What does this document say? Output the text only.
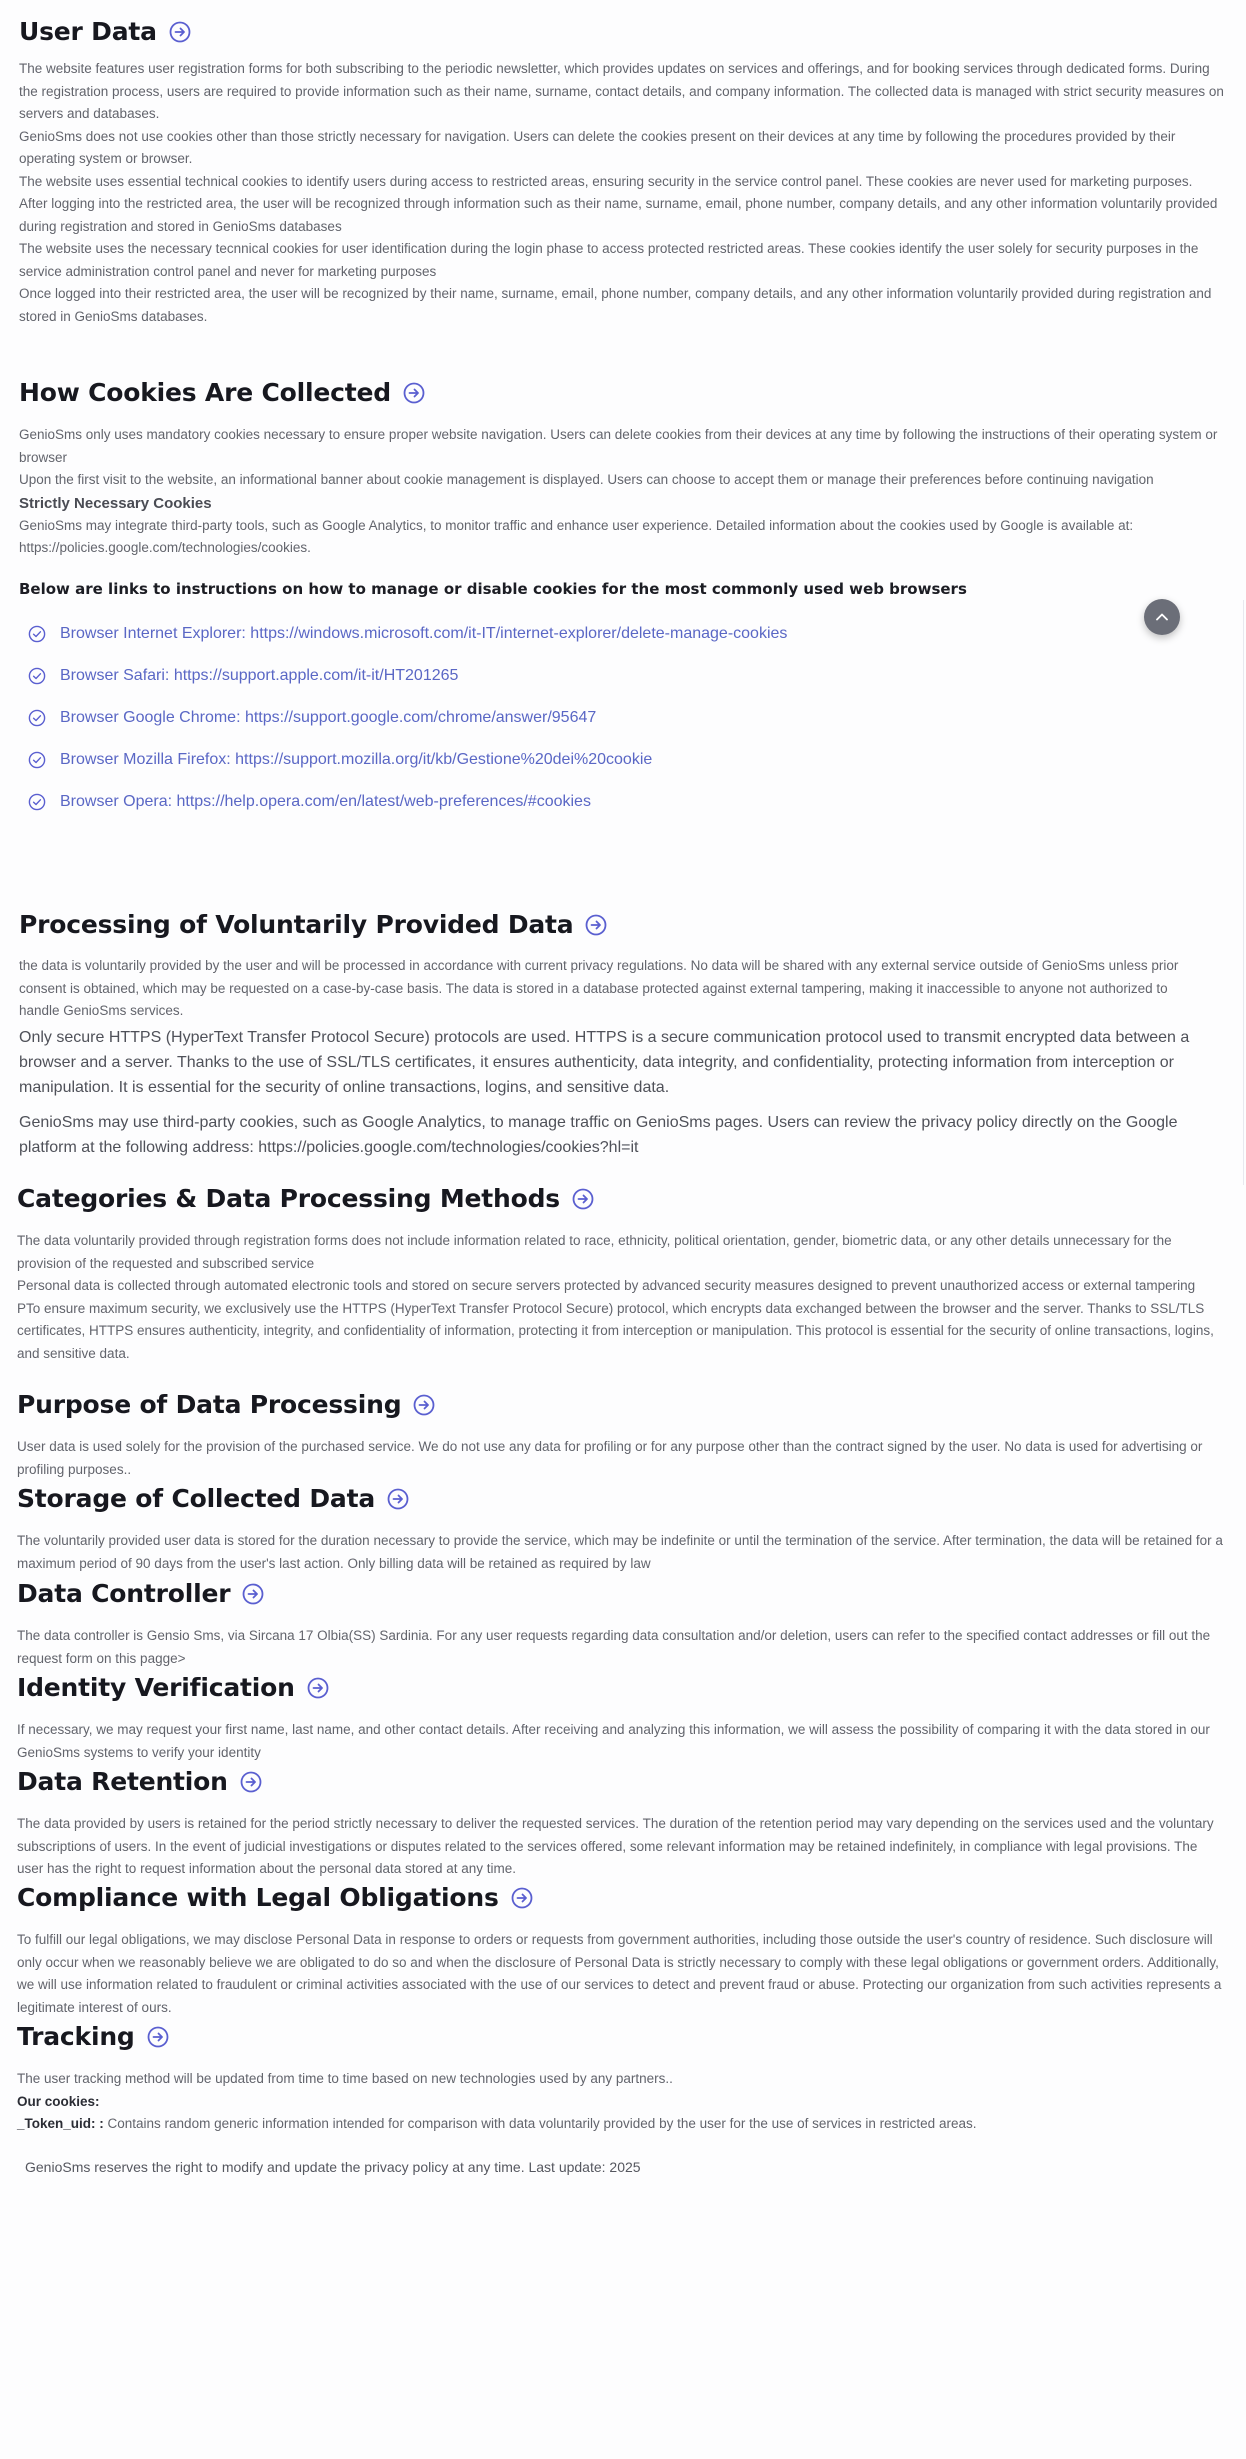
User Data

The website features user registration forms for both subscribing to the periodic newsletter, which provides updates on services and offerings, and for booking services through dedicated forms. During the registration process, users are required to provide information such as their name, surname, contact details, and company information. The collected data is managed with strict security measures on servers and databases.

GenioSms does not use cookies other than those strictly necessary for navigation. Users can delete the cookies present on their devices at any time by following the procedures provided by their operating system or browser.

The website uses essential technical cookies to identify users during access to restricted areas, ensuring security in the service control panel. These cookies are never used for marketing purposes.

After logging into the restricted area, the user will be recognized through information such as their name, surname, email, phone number, company details, and any other information voluntarily provided during registration and stored in GenioSms databases

The website uses the necessary tecnnical cookies for user identification during the login phase to access protected restricted areas. These cookies identify the user solely for security purposes in the service administration control panel and never for marketing purposes

Once logged into their restricted area, the user will be recognized by their name, surname, email, phone number, company details, and any other information voluntarily provided during registration and stored in GenioSms databases.

How Cookies Are Collected

GenioSms only uses mandatory cookies necessary to ensure proper website navigation. Users can delete cookies from their devices at any time by following the instructions of their operating system or browser

Upon the first visit to the website, an informational banner about cookie management is displayed. Users can choose to accept them or manage their preferences before continuing navigation

Strictly Necessary Cookies

GenioSms may integrate third-party tools, such as Google Analytics, to monitor traffic and enhance user experience. Detailed information about the cookies used by Google is available at: https://policies.google.com/technologies/cookies.

Below are links to instructions on how to manage or disable cookies for the most commonly used web browsers

Browser Internet Explorer: https://windows.microsoft.com/it-IT/internet-explorer/delete-manage-cookies
Browser Safari: https://support.apple.com/it-it/HT201265
Browser Google Chrome: https://support.google.com/chrome/answer/95647
Browser Mozilla Firefox: https://support.mozilla.org/it/kb/Gestione%20dei%20cookie
Browser Opera: https://help.opera.com/en/latest/web-preferences/#cookies
Processing of Voluntarily Provided Data

the data is voluntarily provided by the user and will be processed in accordance with current privacy regulations. No data will be shared with any external service outside of GenioSms unless prior consent is obtained, which may be requested on a case-by-case basis. The data is stored in a database protected against external tampering, making it inaccessible to anyone not authorized to handle GenioSms services.

Only secure HTTPS (HyperText Transfer Protocol Secure) protocols are used. HTTPS is a secure communication protocol used to transmit encrypted data between a browser and a server. Thanks to the use of SSL/TLS certificates, it ensures authenticity, data integrity, and confidentiality, protecting information from interception or manipulation. It is essential for the security of online transactions, logins, and sensitive data.

GenioSms may use third-party cookies, such as Google Analytics, to manage traffic on GenioSms pages. Users can review the privacy policy directly on the Google platform at the following address: https://policies.google.com/technologies/cookies?hl=it

Categories & Data Processing Methods

The data voluntarily provided through registration forms does not include information related to race, ethnicity, political orientation, gender, biometric data, or any other details unnecessary for the provision of the requested and subscribed service

Personal data is collected through automated electronic tools and stored on secure servers protected by advanced security measures designed to prevent unauthorized access or external tampering

PTo ensure maximum security, we exclusively use the HTTPS (HyperText Transfer Protocol Secure) protocol, which encrypts data exchanged between the browser and the server. Thanks to SSL/TLS certificates, HTTPS ensures authenticity, integrity, and confidentiality of information, protecting it from interception or manipulation. This protocol is essential for the security of online transactions, logins, and sensitive data.

Purpose of Data Processing

User data is used solely for the provision of the purchased service. We do not use any data for profiling or for any purpose other than the contract signed by the user. No data is used for advertising or profiling purposes..

Storage of Collected Data

The voluntarily provided user data is stored for the duration necessary to provide the service, which may be indefinite or until the termination of the service. After termination, the data will be retained for a maximum period of 90 days from the user's last action. Only billing data will be retained as required by law

Data Controller

The data controller is Gensio Sms, via Sircana 17 Olbia(SS) Sardinia. For any user requests regarding data consultation and/or deletion, users can refer to the specified contact addresses or fill out the request form on this pagge>

Identity Verification

If necessary, we may request your first name, last name, and other contact details. After receiving and analyzing this information, we will assess the possibility of comparing it with the data stored in our GenioSms systems to verify your identity

Data Retention

The data provided by users is retained for the period strictly necessary to deliver the requested services. The duration of the retention period may vary depending on the services used and the voluntary subscriptions of users. In the event of judicial investigations or disputes related to the services offered, some relevant information may be retained indefinitely, in compliance with legal provisions. The user has the right to request information about the personal data stored at any time.

Compliance with Legal Obligations

To fulfill our legal obligations, we may disclose Personal Data in response to orders or requests from government authorities, including those outside the user's country of residence. Such disclosure will only occur when we reasonably believe we are obligated to do so and when the disclosure of Personal Data is strictly necessary to comply with these legal obligations or government orders. Additionally, we will use information related to fraudulent or criminal activities associated with the use of our services to detect and prevent fraud or abuse. Protecting our organization from such activities represents a legitimate interest of ours.

Tracking

The user tracking method will be updated from time to time based on new technologies used by any partners..

Our cookies:

_Token_uid: : Contains random generic information intended for comparison with data voluntarily provided by the user for the use of services in restricted areas.

GenioSms reserves the right to modify and update the privacy policy at any time. Last update: 2025
